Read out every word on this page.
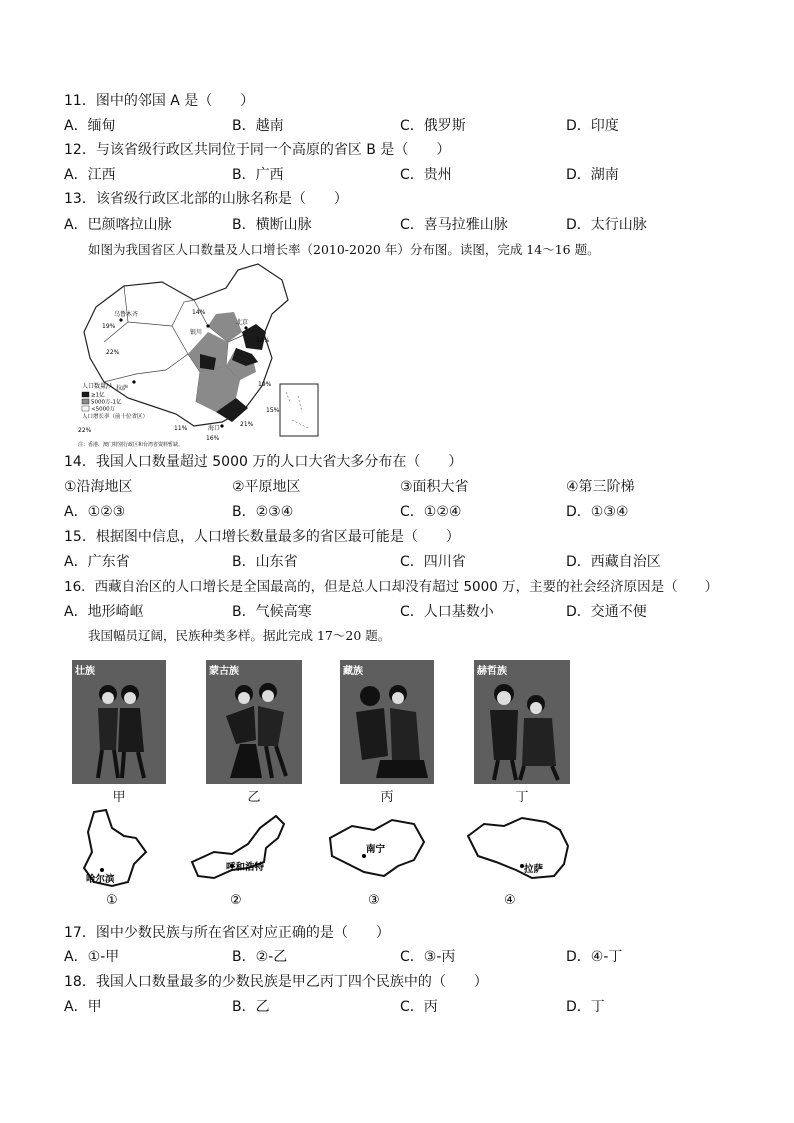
11．图中的邻国 A 是（　　）
A．缅甸	B．越南	C．俄罗斯	D．印度
12．与该省级行政区共同位于同一个高原的省区 B 是（　　）
A．江西	B．广西	C．贵州	D．湖南
13．该省级行政区北部的山脉名称是（　　）
A．巴颜喀拉山脉	B．横断山脉	C．喜马拉雅山脉	D．太行山脉
如图为我国省区人口数量及人口增长率（2010-2020 年）分布图。读图，完成 14～16 题。
乌鲁木齐
银川
北京
拉萨
海口
19%
14%
22%
12%
19%
22%	11%
16%
21%
15%
人口数量/人
≥1亿
5000万-1亿
<5000万
人口增长率（前十位省区）
注：香港、澳门特别行政区和台湾省资料暂缺。
14．我国人口数量超过 5000 万的人口大省大多分布在（　　）
①沿海地区	②平原地区	③面积大省	④第三阶梯
A．①②③	B．②③④	C．①②④	D．①③④
15．根据图中信息，人口增长数量最多的省区最可能是（　　）
A．广东省	B．山东省	C．四川省	D．西藏自治区
16．西藏自治区的人口增长是全国最高的，但是总人口却没有超过 5000 万，主要的社会经济原因是（　　）
A．地形崎岖	B．气候高寒	C．人口基数小	D．交通不便
我国幅员辽阔，民族种类多样。据此完成 17～20 题。
壮族	蒙古族	藏族	赫哲族
甲	乙	丙	丁
哈尔滨
①
呼和浩特
②
南宁
③
拉萨
④
17．图中少数民族与所在省区对应正确的是（　　）
A．①-甲	B．②-乙	C．③-丙	D．④-丁
18．我国人口数量最多的少数民族是甲乙丙丁四个民族中的（　　）
A．甲	B．乙	C．丙	D．丁
